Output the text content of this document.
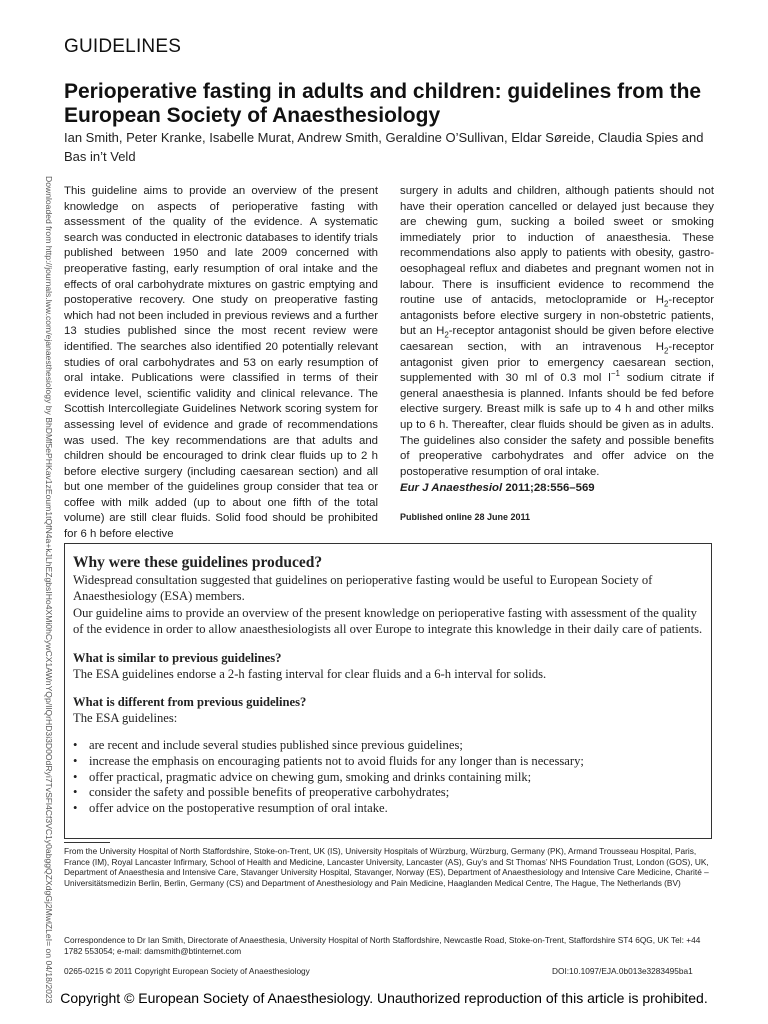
GUIDELINES
Perioperative fasting in adults and children: guidelines from the European Society of Anaesthesiology
Ian Smith, Peter Kranke, Isabelle Murat, Andrew Smith, Geraldine O’Sullivan, Eldar Søreide, Claudia Spies and Bas in’t Veld
Downloaded from http://journals.lww.com/ejanaesthesiology by BhDMf5ePHKav1zEoum1tQfN4a+kJLhEZgbsIHo4XMi0hCywCX1AWnYQp/IlQrHD3i3D0OdRyi7TvSFl4Cf3VC1y0abggQZXdgGj2MwlZLeI= on 04/18/2023 This guideline aims to provide an overview of the present knowledge on aspects of perioperative fasting with assessment of the quality of the evidence. A systematic search was conducted in electronic databases to identify trials published between 1950 and late 2009 concerned with preoperative fasting, early resumption of oral intake and the effects of oral carbohydrate mixtures on gastric emptying and postoperative recovery. One study on preoperative fasting which had not been included in previous reviews and a further 13 studies published since the most recent review were identified. The searches also identified 20 potentially relevant studies of oral carbohydrates and 53 on early resumption of oral intake. Publications were classified in terms of their evidence level, scientific validity and clinical relevance. The Scottish Intercollegiate Guidelines Network scoring system for assessing level of evidence and grade of recommendations was used. The key recommendations are that adults and children should be encouraged to drink clear fluids up to 2 h before elective surgery (including caesarean section) and all but one member of the guidelines group consider that tea or coffee with milk added (up to about one fifth of the total volume) are still clear fluids. Solid food should be prohibited for 6 h before elective

surgery in adults and children, although patients should not have their operation cancelled or delayed just because they are chewing gum, sucking a boiled sweet or smoking immediately prior to induction of anaesthesia. These recommendations also apply to patients with obesity, gastro-oesophageal reflux and diabetes and pregnant women not in labour. There is insufficient evidence to recommend the routine use of antacids, metoclopramide or $H_2$-receptor antagonists before elective surgery in non-obstetric patients, but an $H_2$-receptor antagonist should be given before elective caesarean section, with an intravenous $H_2$-receptor antagonist given prior to emergency caesarean section, supplemented with 30 ml of 0.3 mol $l^{-1}$ sodium citrate if general anaesthesia is planned. Infants should be fed before elective surgery. Breast milk is safe up to 4 h and other milks up to 6 h. Thereafter, clear fluids should be given as in adults. The guidelines also consider the safety and possible benefits of preoperative carbohydrates and offer advice on the postoperative resumption of oral intake.

Eur J Anaesthesiol 2011;28:556–569

Published online 28 June 2011
Why were these guidelines produced?

Widespread consultation suggested that guidelines on perioperative fasting would be useful to European Society of Anaesthesiology (ESA) members.

Our guideline aims to provide an overview of the present knowledge on perioperative fasting with assessment of the quality of the evidence in order to allow anaesthesiologists all over Europe to integrate this knowledge in their daily care of patients.

What is similar to previous guidelines?

The ESA guidelines endorse a 2-h fasting interval for clear fluids and a 6-h interval for solids.

What is different from previous guidelines?

The ESA guidelines:

• are recent and include several studies published since previous guidelines;
• increase the emphasis on encouraging patients not to avoid fluids for any longer than is necessary;
• offer practical, pragmatic advice on chewing gum, smoking and drinks containing milk;
• consider the safety and possible benefits of preoperative carbohydrates;
• offer advice on the postoperative resumption of oral intake.
From the University Hospital of North Staffordshire, Stoke-on-Trent, UK (IS), University Hospitals of Würzburg, Würzburg, Germany (PK), Armand Trousseau Hospital, Paris, France (IM), Royal Lancaster Infirmary, School of Health and Medicine, Lancaster University, Lancaster (AS), Guy’s and St Thomas’ NHS Foundation Trust, London (GOS), UK, Department of Anaesthesia and Intensive Care, Stavanger University Hospital, Stavanger, Norway (ES), Department of Anaesthesiology and Intensive Care Medicine, Charité – Universitätsmedizin Berlin, Berlin, Germany (CS) and Department of Anesthesiology and Pain Medicine, Haaglanden Medical Centre, The Hague, The Netherlands (BV)
Correspondence to Dr Ian Smith, Directorate of Anaesthesia, University Hospital of North Staffordshire, Newcastle Road, Stoke-on-Trent, Staffordshire ST4 6QG, UK Tel: +44 1782 553054; e-mail: damsmith@btinternet.com
0265-0215 © 2011 Copyright European Society of Anaesthesiology	DOI:10.1097/EJA.0b013e3283495ba1
Copyright © European Society of Anaesthesiology. Unauthorized reproduction of this article is prohibited.
